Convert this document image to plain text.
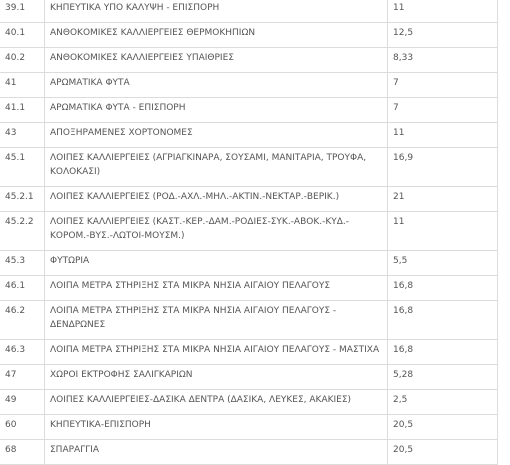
39.1	ΚΗΠΕΥΤΙΚΑ ΥΠΟ ΚΑΛΥΨΗ - ΕΠΙΣΠΟΡΗ	11
40.1	ΑΝΘΟΚΟΜΙΚΕΣ ΚΑΛΛΙΕΡΓΕΙΕΣ ΘΕΡΜΟΚΗΠΙΩΝ	12,5
40.2	ΑΝΘΟΚΟΜΙΚΕΣ ΚΑΛΛΙΕΡΓΕΙΕΣ ΥΠΑΙΘΡΙΕΣ	8,33
41	ΑΡΩΜΑΤΙΚΑ ΦΥΤΑ	7
41.1	ΑΡΩΜΑΤΙΚΑ ΦΥΤΑ - ΕΠΙΣΠΟΡΗ	7
43	ΑΠΟΞΗΡΑΜΕΝΕΣ ΧΟΡΤΟΝΟΜΕΣ	11
45.1	ΛΟΙΠΕΣ ΚΑΛΛΙΕΡΓΕΙΕΣ (ΑΓΡΙΑΓΚΙΝΑΡΑ, ΣΟΥΣΑΜΙ, ΜΑΝΙΤΑΡΙΑ, ΤΡΟΥΦΑ, ΚΟΛΟΚΑΣΙ)	16,9
45.2.1	ΛΟΙΠΕΣ ΚΑΛΛΙΕΡΓΕΙΕΣ (ΡΟΔ.-ΑΧΛ.-ΜΗΛ.-ΑΚΤΙΝ.-ΝΕΚΤΑΡ.-ΒΕΡΙΚ.)	21
45.2.2	ΛΟΙΠΕΣ ΚΑΛΛΙΕΡΓΕΙΕΣ (ΚΑΣΤ.-ΚΕΡ.-ΔΑΜ.-ΡΟΔΙΕΣ-ΣΥΚ.-ΑΒΟΚ.-ΚΥΔ.- ΚΟΡΟΜ.-ΒΥΣ.-ΛΩΤΟΙ-ΜΟΥΣΜ.)	11
45.3	ΦΥΤΩΡΙΑ	5,5
46.1	ΛΟΙΠΑ ΜΕΤΡΑ ΣΤΗΡΙΞΗΣ ΣΤΑ ΜΙΚΡΑ ΝΗΣΙΑ ΑΙΓΑΙΟΥ ΠΕΛΑΓΟΥΣ	16,8
46.2	ΛΟΙΠΑ ΜΕΤΡΑ ΣΤΗΡΙΞΗΣ ΣΤΑ ΜΙΚΡΑ ΝΗΣΙΑ ΑΙΓΑΙΟΥ ΠΕΛΑΓΟΥΣ - ΔΕΝΔΡΩΝΕΣ	16,8
46.3	ΛΟΙΠΑ ΜΕΤΡΑ ΣΤΗΡΙΞΗΣ ΣΤΑ ΜΙΚΡΑ ΝΗΣΙΑ ΑΙΓΑΙΟΥ ΠΕΛΑΓΟΥΣ - ΜΑΣΤΙΧΑ	16,8
47	ΧΩΡΟΙ ΕΚΤΡΟΦΗΣ ΣΑΛΙΓΚΑΡΙΩΝ	5,28
49	ΛΟΙΠΕΣ ΚΑΛΛΙΕΡΓΕΙΕΣ-ΔΑΣΙΚΑ ΔΕΝΤΡΑ (ΔΑΣΙΚΑ, ΛΕΥΚΕΣ, ΑΚΑΚΙΕΣ)	2,5
60	ΚΗΠΕΥΤΙΚΑ-ΕΠΙΣΠΟΡΗ	20,5
68	ΣΠΑΡΑΓΓΙΑ	20,5
